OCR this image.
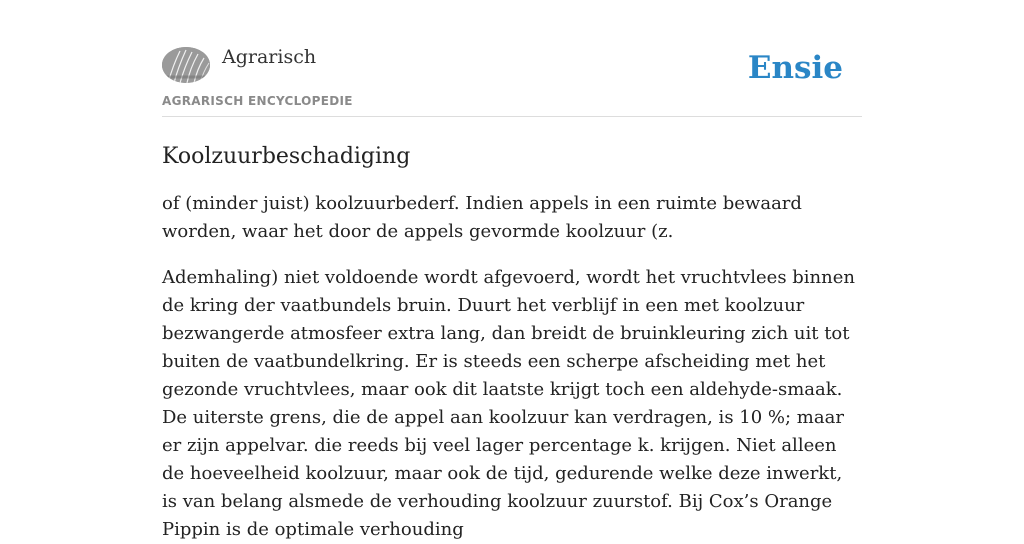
Agrarisch
AGRARISCH ENCYCLOPEDIE
Ensie
Koolzuurbeschadiging

of (minder juist) koolzuurbederf. Indien appels in een ruimte bewaard worden, waar het door de appels gevormde koolzuur (z.

Ademhaling) niet voldoende wordt afgevoerd, wordt het vruchtvlees binnen de kring der vaatbundels bruin. Duurt het verblijf in een met koolzuur bezwangerde atmosfeer extra lang, dan breidt de bruinkleuring zich uit tot buiten de vaatbundelkring. Er is steeds een scherpe afscheiding met het gezonde vruchtvlees, maar ook dit laatste krijgt toch een aldehyde-smaak. De uiterste grens, die de appel aan koolzuur kan verdragen, is 10 %; maar er zijn appelvar. die reeds bij veel lager percentage k. krijgen. Niet alleen de hoeveelheid koolzuur, maar ook de tijd, gedurende welke deze inwerkt, is van belang alsmede de verhouding koolzuur zuurstof. Bij Cox’s Orange Pippin is de optimale verhouding
